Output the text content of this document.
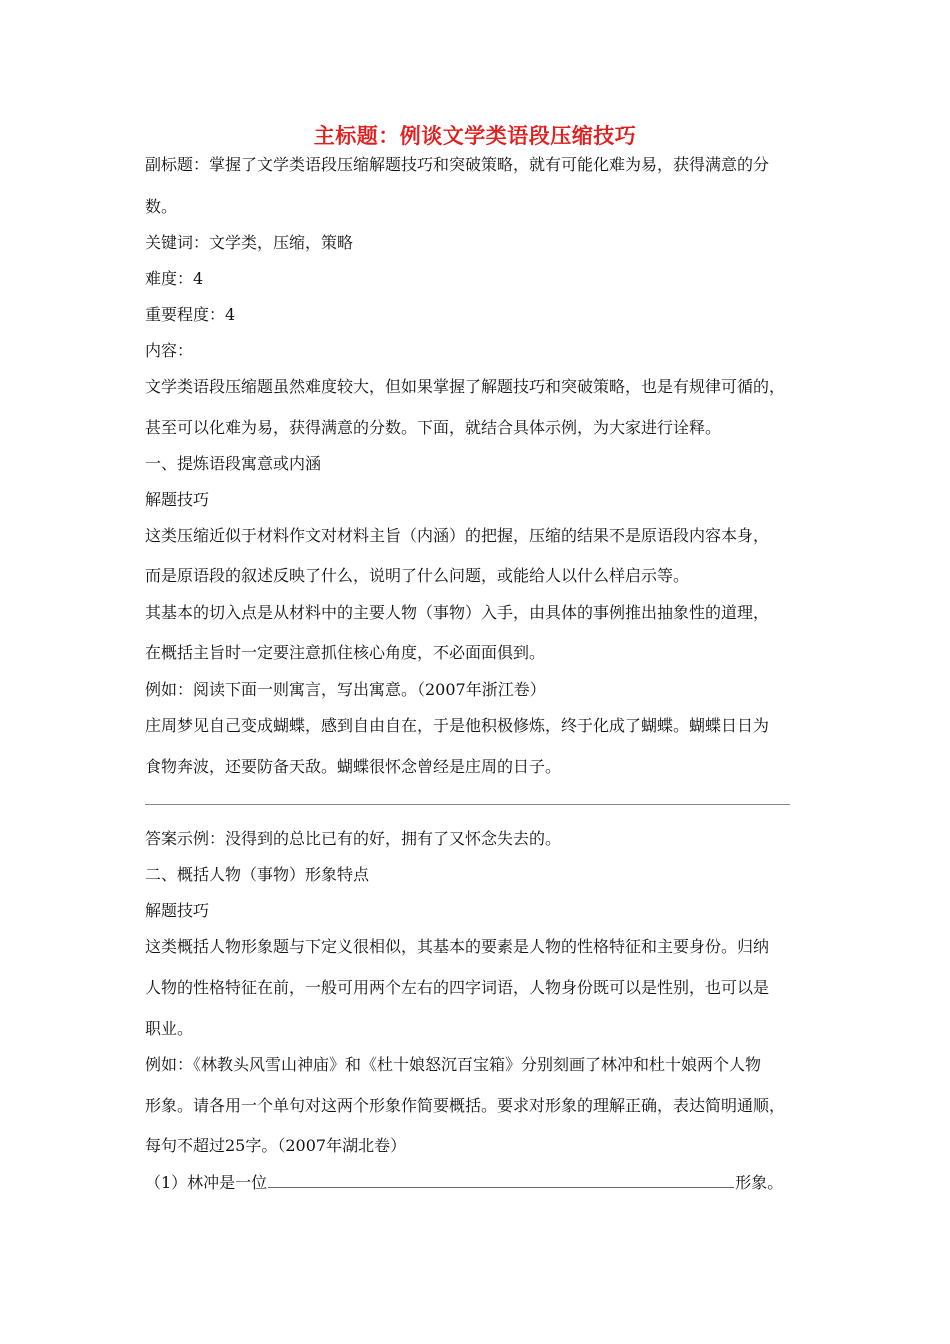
主标题：例谈文学类语段压缩技巧
副标题：掌握了文学类语段压缩解题技巧和突破策略，就有可能化难为易，获得满意的分
数。
关键词：文学类，压缩，策略
难度：4
重要程度：4
内容：
文学类语段压缩题虽然难度较大，但如果掌握了解题技巧和突破策略，也是有规律可循的，
甚至可以化难为易，获得满意的分数。下面，就结合具体示例，为大家进行诠释。
一、提炼语段寓意或内涵
解题技巧
这类压缩近似于材料作文对材料主旨（内涵）的把握，压缩的结果不是原语段内容本身，
而是原语段的叙述反映了什么，说明了什么问题，或能给人以什么样启示等。
其基本的切入点是从材料中的主要人物（事物）入手，由具体的事例推出抽象性的道理，
在概括主旨时一定要注意抓住核心角度，不必面面俱到。
例如：阅读下面一则寓言，写出寓意。（2007年浙江卷）
庄周梦见自己变成蝴蝶，感到自由自在，于是他积极修炼，终于化成了蝴蝶。蝴蝶日日为
食物奔波，还要防备天敌。蝴蝶很怀念曾经是庄周的日子。
答案示例：没得到的总比已有的好，拥有了又怀念失去的。
二、概括人物（事物）形象特点
解题技巧
这类概括人物形象题与下定义很相似，其基本的要素是人物的性格特征和主要身份。归纳
人物的性格特征在前，一般可用两个左右的四字词语，人物身份既可以是性别，也可以是
职业。
例如：《林教头风雪山神庙》和《杜十娘怒沉百宝箱》分别刻画了林冲和杜十娘两个人物
形象。请各用一个单句对这两个形象作简要概括。要求对形象的理解正确，表达简明通顺，
每句不超过25字。（2007年湖北卷）
（1）林冲是一位	形象。
